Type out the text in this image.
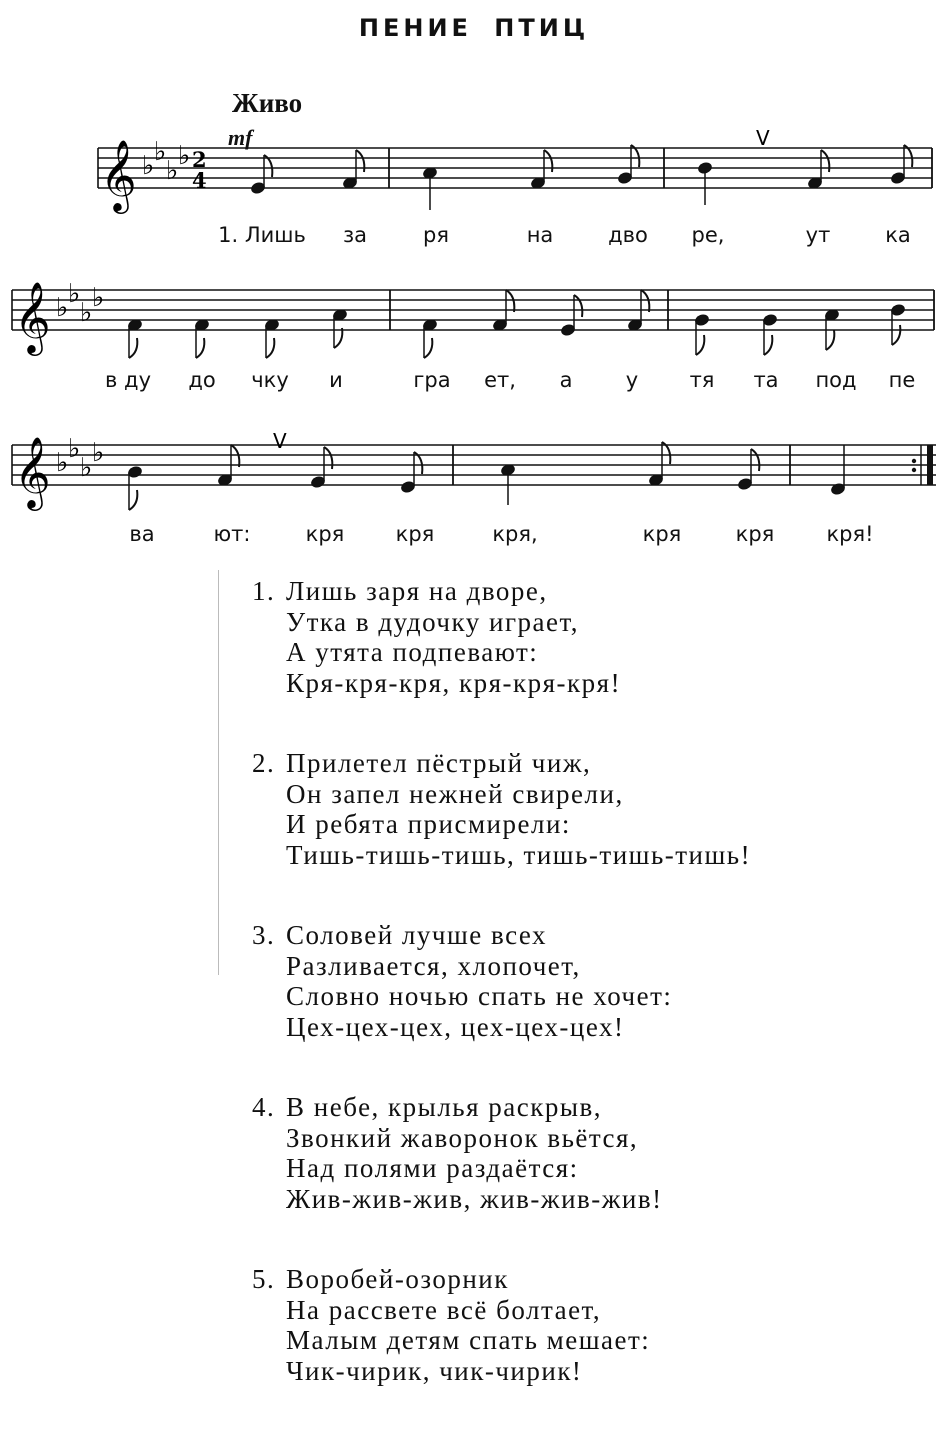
ПЕНИЕ ПТИЦ
Живо
mf
𝄞 ♭ ♭
♭ ♭ 2
4
V
1. Лишь за	ря	на	дво ре,	ут	ка
𝄞 ♭ ♭
♭ ♭
в ду до чку и	гра ет, а	у тя та под пе
𝄞 ♭ ♭
♭ ♭	V
ва	ют:	кря кря	кря,	кря	кря кря!
1. Лишь заря на дворе,
Утка в дудочку играет,
А утята подпевают:
Кря-кря-кря, кря-кря-кря!
2. Прилетел пёстрый чиж,
Он запел нежней свирели,
И ребята присмирели:
Тишь-тишь-тишь, тишь-тишь-тишь!
3. Соловей лучше всех
Разливается, хлопочет,
Словно ночью спать не хочет:
Цех-цех-цех, цех-цех-цех!
4. В небе, крылья раскрыв,
Звонкий жаворонок вьётся,
Над полями раздаётся:
Жив-жив-жив, жив-жив-жив!
5. Воробей-озорник
На рассвете всё болтает,
Малым детям спать мешает:
Чик-чирик, чик-чирик!
